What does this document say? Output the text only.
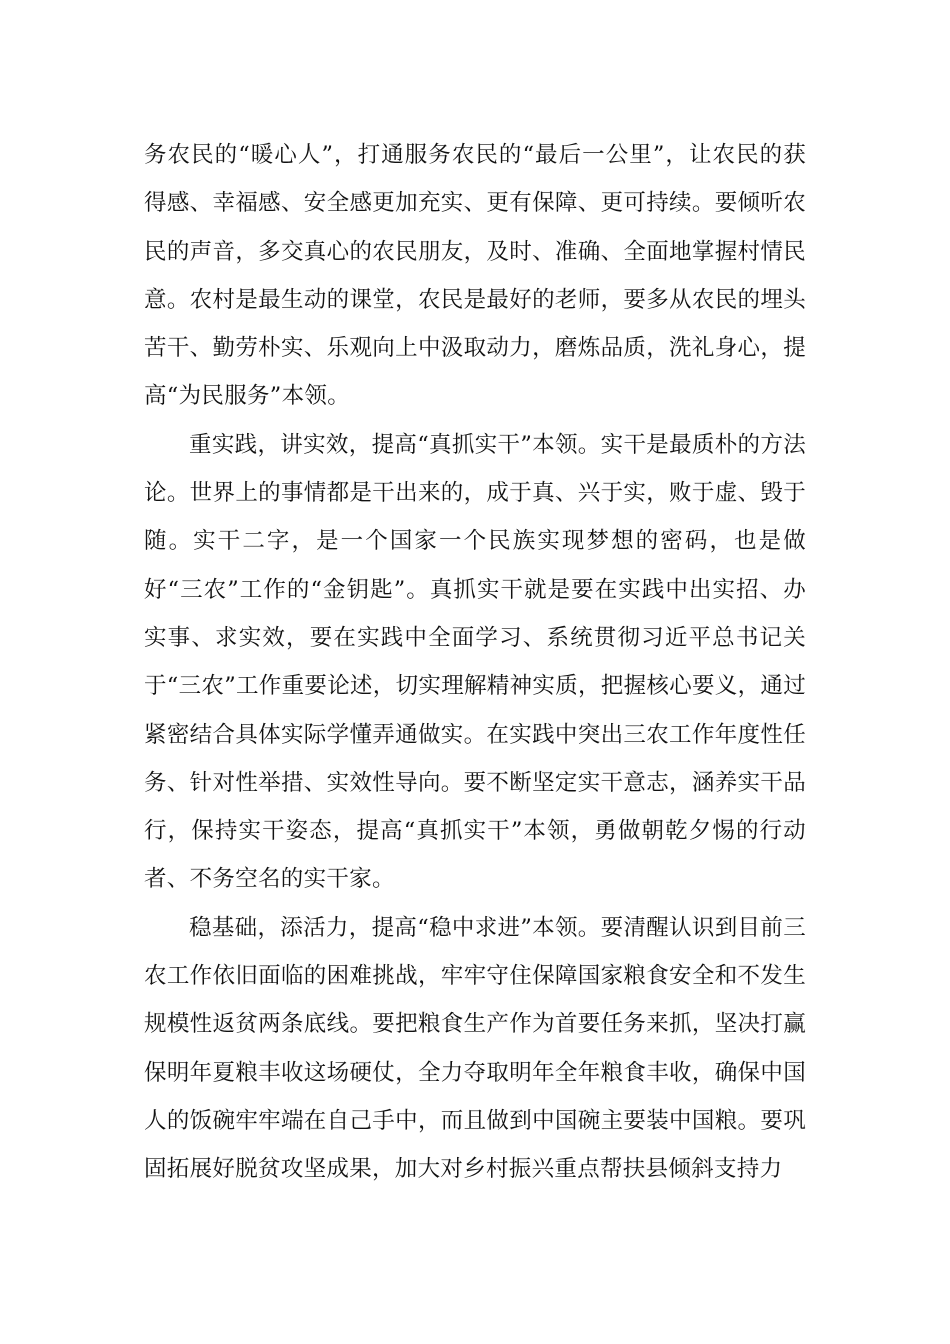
务农民的“暖心人”，打通服务农民的“最后一公里”，让农民的获得感、幸福感、安全感更加充实、更有保障、更可持续。要倾听农民的声音，多交真心的农民朋友，及时、准确、全面地掌握村情民意。农村是最生动的课堂，农民是最好的老师，要多从农民的埋头苦干、勤劳朴实、乐观向上中汲取动力，磨炼品质，洗礼身心，提高“为民服务”本领。

重实践，讲实效，提高“真抓实干”本领。实干是最质朴的方法论。世界上的事情都是干出来的，成于真、兴于实，败于虚、毁于随。实干二字，是一个国家一个民族实现梦想的密码，也是做好“三农”工作的“金钥匙”。真抓实干就是要在实践中出实招、办实事、求实效，要在实践中全面学习、系统贯彻习近平总书记关于“三农”工作重要论述，切实理解精神实质，把握核心要义，通过紧密结合具体实际学懂弄通做实。在实践中突出三农工作年度性任务、针对性举措、实效性导向。要不断坚定实干意志，涵养实干品行，保持实干姿态，提高“真抓实干”本领，勇做朝乾夕惕的行动者、不务空名的实干家。

稳基础，添活力，提高“稳中求进”本领。要清醒认识到目前三农工作依旧面临的困难挑战，牢牢守住保障国家粮食安全和不发生规模性返贫两条底线。要把粮食生产作为首要任务来抓，坚决打赢保明年夏粮丰收这场硬仗，全力夺取明年全年粮食丰收，确保中国人的饭碗牢牢端在自己手中，而且做到中国碗主要装中国粮。要巩固拓展好脱贫攻坚成果，加大对乡村振兴重点帮扶县倾斜支持力
